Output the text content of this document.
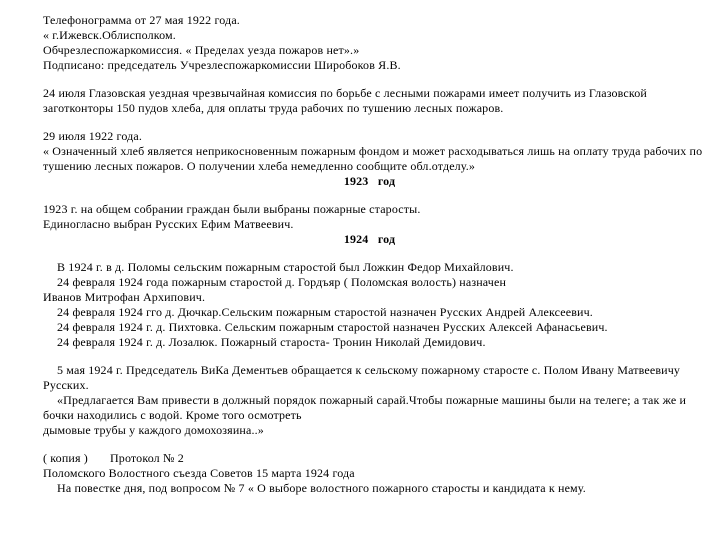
Телефонограмма от 27 мая 1922 года.
« г.Ижевск.Облисполком.
Обчрезлеспожаркомиссия. « Пределах уезда пожаров нет».»
Подписано: председатель Учрезлеспожаркомиссии Широбоков Я.В.
24 июля Глазовская уездная чрезвычайная комиссия по борьбе с лесными пожарами имеет получить из Глазовской
заготконторы 150 пудов хлеба, для оплаты труда рабочих по тушению лесных пожаров.
29 июля 1922 года.
« Означенный хлеб является неприкосновенным пожарным фондом и может расходываться лишь на оплату труда рабочих по
тушению лесных пожаров. О получении хлеба немедленно сообщите обл.отделу.»
1923   год
1923 г. на общем собрании граждан были выбраны пожарные старосты.
Единогласно выбран Русских Ефим Матвеевич.
1924   год
В 1924 г. в д. Поломы сельским пожарным старостой был Ложкин Федор Михайлович.
24 февраля 1924 года пожарным старостой д. Гордъяр ( Поломская волость) назначен
Иванов Митрофан Архипович.
24 февраля 1924 гго д. Дючкар.Сельским пожарным старостой назначен Русских Андрей Алексеевич.
24 февраля 1924 г. д. Пихтовка. Сельским пожарным старостой назначен Русских Алексей Афанасьевич.
24 февраля 1924 г. д. Лозалюк. Пожарный староста- Тронин Николай Демидович.
5 мая 1924 г. Председатель ВиКа Дементьев обращается к сельскому пожарному старосте с. Полом Ивану Матвеевичу
Русских.
«Предлагается Вам привести в должный порядок пожарный сарай.Чтобы пожарные машины были на телеге; а так же и
бочки находились с водой. Кроме того осмотреть
дымовые трубы у каждого домохозяина..»
( копия )       Протокол № 2
Поломского Волостного съезда Советов 15 марта 1924 года
На повестке дня, под вопросом № 7 « О выборе волостного пожарного старосты и кандидата к нему.
